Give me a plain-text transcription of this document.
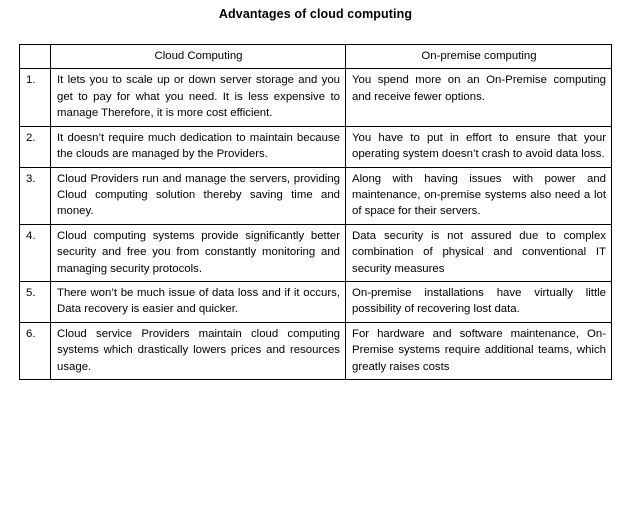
Advantages of cloud computing
	Cloud Computing	On-premise computing
1.	It lets you to scale up or down server storage and you get to pay for what you need. It is less expensive to manage Therefore, it is more cost efficient.	You spend more on an On-Premise computing and receive fewer options.
2.	It doesn’t require much dedication to maintain because the clouds are managed by the Providers.	You have to put in effort to ensure that your operating system doesn’t crash to avoid data loss.
3.	Cloud Providers run and manage the servers, providing Cloud computing solution thereby saving time and money.	Along with having issues with power and maintenance, on-premise systems also need a lot of space for their servers.
4.	Cloud computing systems provide significantly better security and free you from constantly monitoring and managing security protocols.	Data security is not assured due to complex combination of physical and conventional IT security measures
5.	There won’t be much issue of data loss and if it occurs, Data recovery is easier and quicker.	On-premise installations have virtually little possibility of recovering lost data.
6.	Cloud service Providers maintain cloud computing systems which drastically lowers prices and resources usage.	For hardware and software maintenance, On-Premise systems require additional teams, which greatly raises costs
